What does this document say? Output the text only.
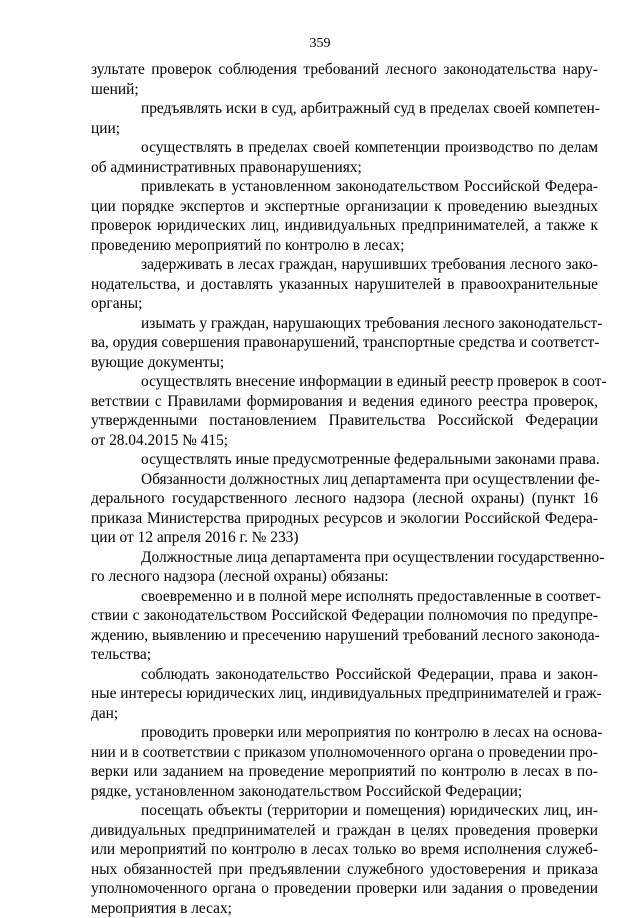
359
зультате проверок соблюдения требований лесного законодательства нару-
шений;
предъявлять иски в суд, арбитражный суд в пределах своей компетен-
ции;
осуществлять в пределах своей компетенции производство по делам
об административных правонарушениях;
привлекать в установленном законодательством Российской Федера-
ции порядке экспертов и экспертные организации к проведению выездных
проверок юридических лиц, индивидуальных предпринимателей, а также к
проведению мероприятий по контролю в лесах;
задерживать в лесах граждан, нарушивших требования лесного зако-
нодательства, и доставлять указанных нарушителей в правоохранительные
органы;
изымать у граждан, нарушающих требования лесного законодательст-
ва, орудия совершения правонарушений, транспортные средства и соответст-
вующие документы;
осуществлять внесение информации в единый реестр проверок в соот-
ветствии с Правилами формирования и ведения единого реестра проверок,
утвержденными постановлением Правительства Российской Федерации
от 28.04.2015 № 415;
осуществлять иные предусмотренные федеральными законами права.
Обязанности должностных лиц департамента при осуществлении фе-
дерального государственного лесного надзора (лесной охраны) (пункт 16
приказа Министерства природных ресурсов и экологии Российской Федера-
ции от 12 апреля 2016 г. № 233)
Должностные лица департамента при осуществлении государственно-
го лесного надзора (лесной охраны) обязаны:
своевременно и в полной мере исполнять предоставленные в соответ-
ствии с законодательством Российской Федерации полномочия по предупре-
ждению, выявлению и пресечению нарушений требований лесного законода-
тельства;
соблюдать законодательство Российской Федерации, права и закон-
ные интересы юридических лиц, индивидуальных предпринимателей и граж-
дан;
проводить проверки или мероприятия по контролю в лесах на основа-
нии и в соответствии с приказом уполномоченного органа о проведении про-
верки или заданием на проведение мероприятий по контролю в лесах в по-
рядке, установленном законодательством Российской Федерации;
посещать объекты (территории и помещения) юридических лиц, ин-
дивидуальных предпринимателей и граждан в целях проведения проверки
или мероприятий по контролю в лесах только во время исполнения служеб-
ных обязанностей при предъявлении служебного удостоверения и приказа
уполномоченного органа о проведении проверки или задания о проведении
мероприятия в лесах;
